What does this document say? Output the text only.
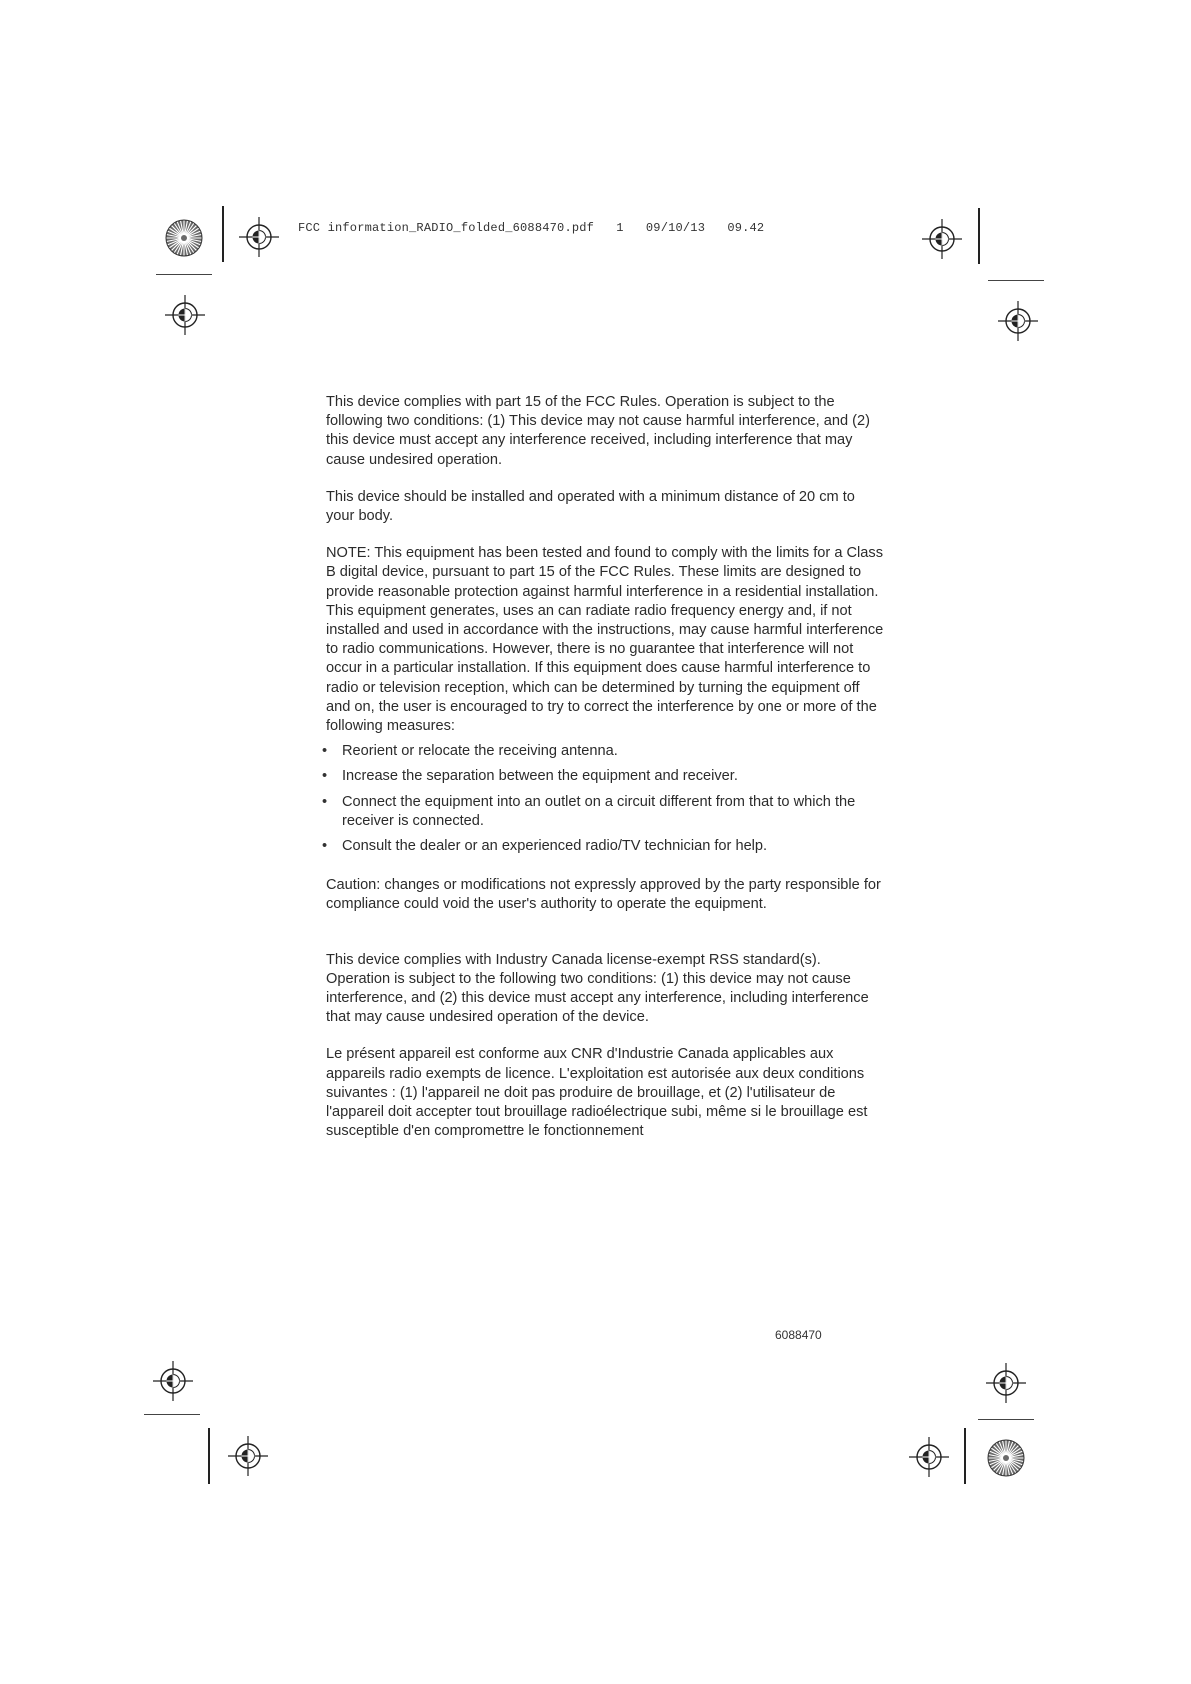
FCC information_RADIO_folded_6088470.pdf 1 09/10/13 09.42

This device complies with part 15 of the FCC Rules. Operation is subject to the following two conditions: (1) This device may not cause harmful interference, and (2) this device must accept any interference received, including interference that may cause undesired operation.

This device should be installed and operated with a minimum distance of 20 cm to your body.

NOTE: This equipment has been tested and found to comply with the limits for a Class B digital device, pursuant to part 15 of the FCC Rules. These limits are designed to provide reasonable protection against harmful interference in a residential installation. This equipment generates, uses an can radiate radio frequency energy and, if not installed and used in accordance with the instructions, may cause harmful interference to radio communications. However, there is no guarantee that interference will not occur in a particular installation. If this equipment does cause harmful interference to radio or television reception, which can be determined by turning the equipment off and on, the user is encouraged to try to correct the interference by one or more of the following measures:

• Reorient or relocate the receiving antenna.
• Increase the separation between the equipment and receiver.
• Connect the equipment into an outlet on a circuit different from that to which the receiver is connected.
• Consult the dealer or an experienced radio/TV technician for help.

Caution: changes or modifications not expressly approved by the party responsible for compliance could void the user's authority to operate the equipment.

This device complies with Industry Canada license-exempt RSS standard(s). Operation is subject to the following two conditions: (1) this device may not cause interference, and (2) this device must accept any interference, including interference that may cause undesired operation of the device.

Le présent appareil est conforme aux CNR d'Industrie Canada applicables aux appareils radio exempts de licence. L'exploitation est autorisée aux deux conditions suivantes : (1) l'appareil ne doit pas produire de brouillage, et (2) l'utilisateur de l'appareil doit accepter tout brouillage radioélectrique subi, même si le brouillage est susceptible d'en compromettre le fonctionnement

6088470
